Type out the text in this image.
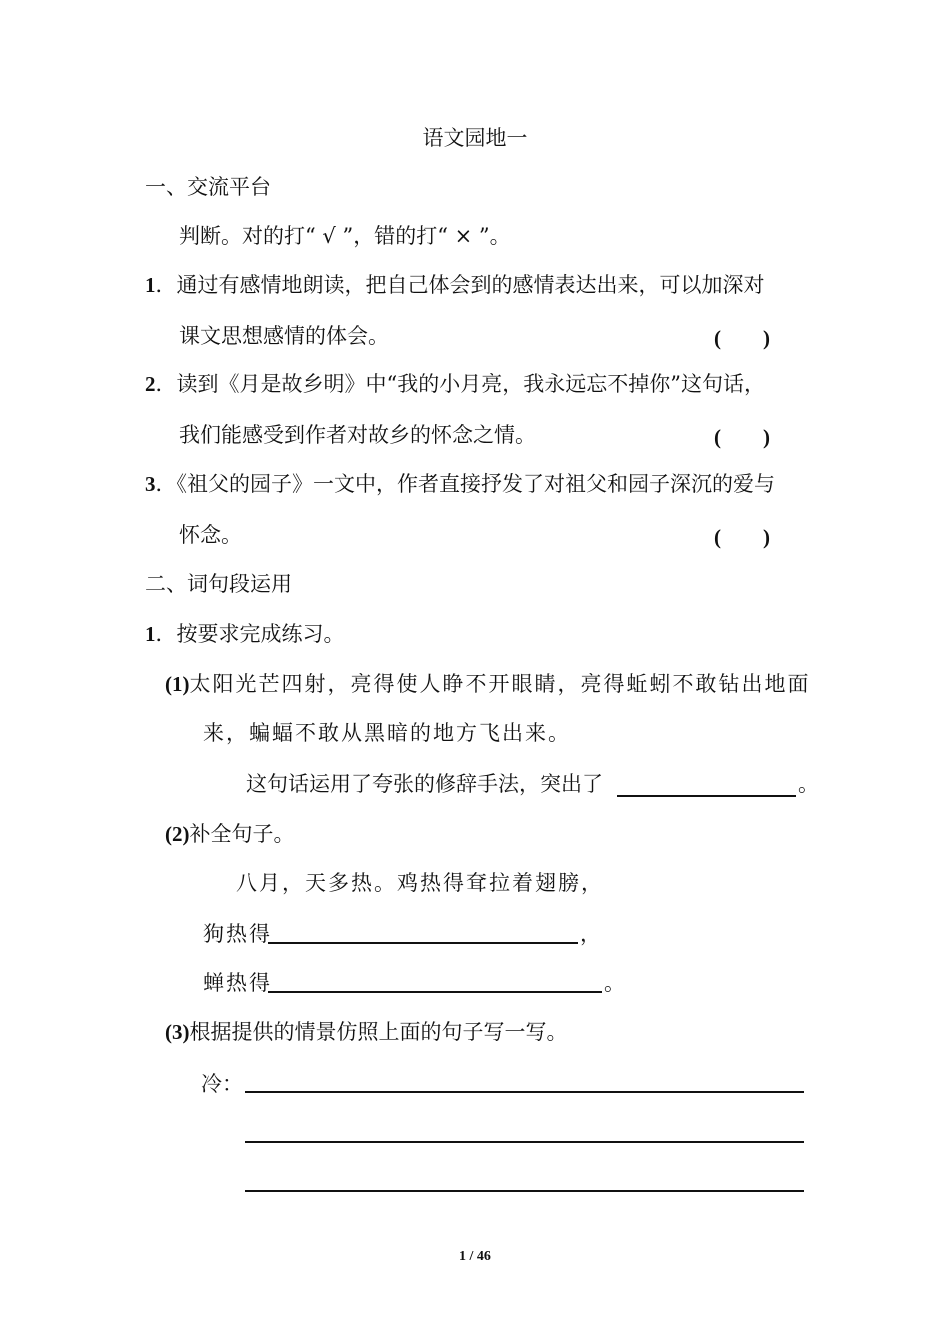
语文园地一
一、交流平台
判断。对的打“ √ ”，错的打“ × ”。
1．通过有感情地朗读，把自己体会到的感情表达出来，可以加深对
课文思想感情的体会。	(　　)
2．读到《月是故乡明》中“我的小月亮，我永远忘不掉你”这句话，
我们能感受到作者对故乡的怀念之情。	(　　)
3．《祖父的园子》一文中，作者直接抒发了对祖父和园子深沉的爱与
怀念。	(　　)
二、词句段运用
1．按要求完成练习。
(1)太阳光芒四射，亮得使人睁不开眼睛，亮得蚯蚓不敢钻出地面
来，蝙蝠不敢从黑暗的地方飞出来。
这句话运用了夸张的修辞手法，突出了	。
(2)补全句子。
八月，天多热。鸡热得耷拉着翅膀，
狗热得	，
蝉热得	。
(3)根据提供的情景仿照上面的句子写一写。
冷：
1 / 46
